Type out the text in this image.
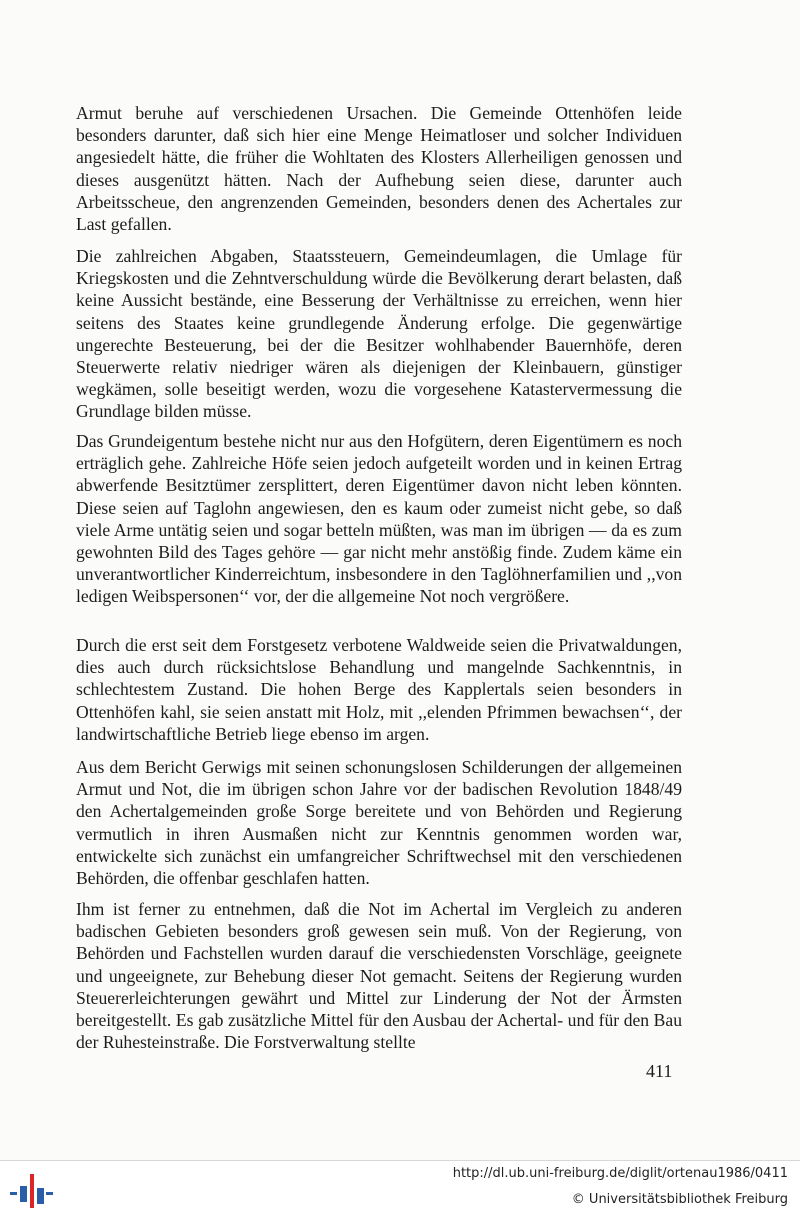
Armut beruhe auf verschiedenen Ursachen. Die Gemeinde Ottenhöfen leide besonders darunter, daß sich hier eine Menge Heimatloser und solcher Individuen angesiedelt hätte, die früher die Wohltaten des Klosters Allerheiligen genossen und dieses ausgenützt hätten. Nach der Aufhebung seien diese, darunter auch Arbeitsscheue, den angrenzenden Gemeinden, besonders denen des Achertales zur Last gefallen.

Die zahlreichen Abgaben, Staatssteuern, Gemeindeumlagen, die Umlage für Kriegskosten und die Zehntverschuldung würde die Bevölkerung derart belasten, daß keine Aussicht bestände, eine Besserung der Verhältnisse zu erreichen, wenn hier seitens des Staates keine grundlegende Änderung erfolge. Die gegenwärtige ungerechte Besteuerung, bei der die Besitzer wohlhabender Bauernhöfe, deren Steuerwerte relativ niedriger wären als diejenigen der Kleinbauern, günstiger wegkämen, solle beseitigt werden, wozu die vorgesehene Katastervermessung die Grundlage bilden müsse.

Das Grundeigentum bestehe nicht nur aus den Hofgütern, deren Eigentümern es noch erträglich gehe. Zahlreiche Höfe seien jedoch aufgeteilt worden und in keinen Ertrag abwerfende Besitztümer zersplittert, deren Eigentümer davon nicht leben könnten. Diese seien auf Taglohn angewiesen, den es kaum oder zumeist nicht gebe, so daß viele Arme untätig seien und sogar betteln müßten, was man im übrigen — da es zum gewohnten Bild des Tages gehöre — gar nicht mehr anstößig finde. Zudem käme ein unverantwortlicher Kinderreichtum, insbesondere in den Taglöhnerfamilien und ,,von ledigen Weibspersonen‘‘ vor, der die allgemeine Not noch vergrößere.

Durch die erst seit dem Forstgesetz verbotene Waldweide seien die Privatwaldungen, dies auch durch rücksichtslose Behandlung und mangelnde Sachkenntnis, in schlechtestem Zustand. Die hohen Berge des Kapplertals seien besonders in Ottenhöfen kahl, sie seien anstatt mit Holz, mit ,,elenden Pfrimmen bewachsen‘‘, der landwirtschaftliche Betrieb liege ebenso im argen.

Aus dem Bericht Gerwigs mit seinen schonungslosen Schilderungen der allgemeinen Armut und Not, die im übrigen schon Jahre vor der badischen Revolution 1848/49 den Achertalgemeinden große Sorge bereitete und von Behörden und Regierung vermutlich in ihren Ausmaßen nicht zur Kenntnis genommen worden war, entwickelte sich zunächst ein umfangreicher Schriftwechsel mit den verschiedenen Behörden, die offenbar geschlafen hatten.

Ihm ist ferner zu entnehmen, daß die Not im Achertal im Vergleich zu anderen badischen Gebieten besonders groß gewesen sein muß. Von der Regierung, von Behörden und Fachstellen wurden darauf die verschiedensten Vorschläge, geeignete und ungeeignete, zur Behebung dieser Not gemacht. Seitens der Regierung wurden Steuererleichterungen gewährt und Mittel zur Linderung der Not der Ärmsten bereitgestellt. Es gab zusätzliche Mittel für den Ausbau der Achertal- und für den Bau der Ruhesteinstraße. Die Forstverwaltung stellte

411
http://dl.ub.uni-freiburg.de/diglit/ortenau1986/0411
© Universitätsbibliothek Freiburg
